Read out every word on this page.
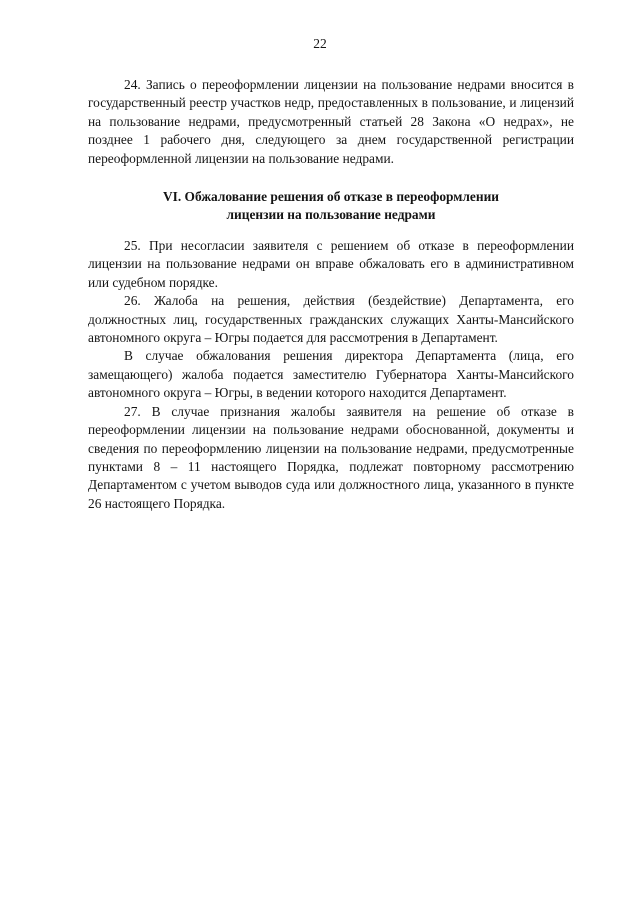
22

24. Запись о переоформлении лицензии на пользование недрами вносится в государственный реестр участков недр, предоставленных в пользование, и лицензий на пользование недрами, предусмотренный статьей 28 Закона «О недрах», не позднее 1 рабочего дня, следующего за днем государственной регистрации переоформленной лицензии на пользование недрами.

VI. Обжалование решения об отказе в переоформлении
лицензии на пользование недрами

25. При несогласии заявителя с решением об отказе в переоформлении лицензии на пользование недрами он вправе обжаловать его в административном или судебном порядке.

26. Жалоба на решения, действия (бездействие) Департамента, его должностных лиц, государственных гражданских служащих Ханты-Мансийского автономного округа – Югры подается для рассмотрения в Департамент.

В случае обжалования решения директора Департамента (лица, его замещающего) жалоба подается заместителю Губернатора Ханты-Мансийского автономного округа – Югры, в ведении которого находится Департамент.

27. В случае признания жалобы заявителя на решение об отказе в переоформлении лицензии на пользование недрами обоснованной, документы и сведения по переоформлению лицензии на пользование недрами, предусмотренные пунктами 8 – 11 настоящего Порядка, подлежат повторному рассмотрению Департаментом с учетом выводов суда или должностного лица, указанного в пункте 26 настоящего Порядка.
